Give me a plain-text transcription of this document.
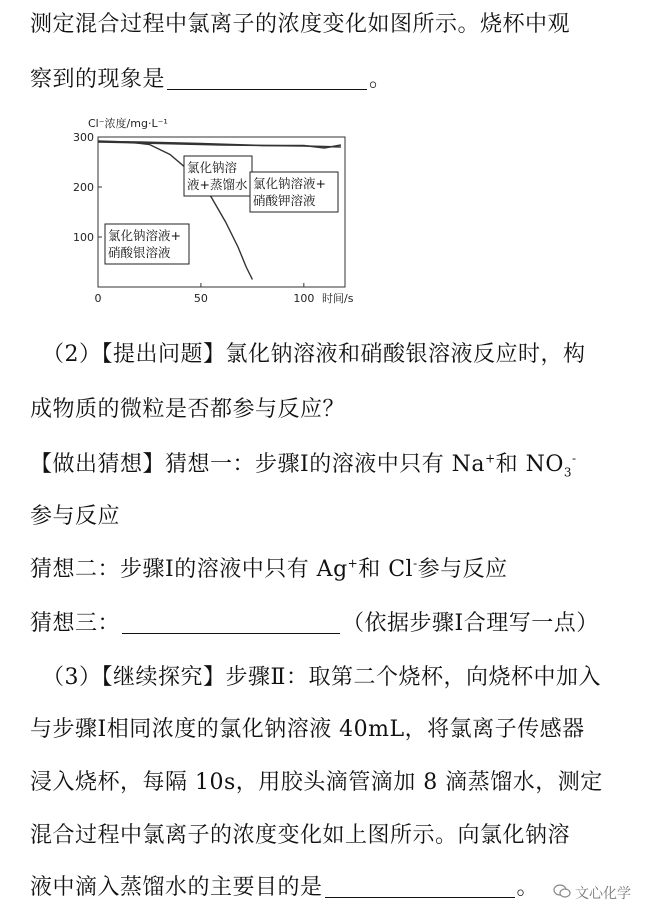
测定混合过程中氯离子的浓度变化如图所示。烧杯中观
察到的现象是	。
100
200
300
0	50	100
Cl⁻浓度/mg·L⁻¹
时间/s
氯化钠溶
液+蒸馏水 氯化钠溶液+
硝酸钾溶液
氯化钠溶液+
硝酸银溶液
（2）【提出问题】氯化钠溶液和硝酸银溶液反应时，构
成物质的微粒是否都参与反应？
【做出猜想】猜想一：步骤Ⅰ的溶液中只有 Na+和 $NO_3^-$
参与反应
猜想二：步骤Ⅰ的溶液中只有 Ag+和 Cl-参与反应
猜想三：	（依据步骤Ⅰ合理写一点）
（3）【继续探究】步骤Ⅱ：取第二个烧杯，向烧杯中加入
与步骤Ⅰ相同浓度的氯化钠溶液 40mL，将氯离子传感器
浸入烧杯，每隔 10s，用胶头滴管滴加 8 滴蒸馏水，测定
混合过程中氯离子的浓度变化如上图所示。向氯化钠溶
液中滴入蒸馏水的主要目的是	。	文心化学
